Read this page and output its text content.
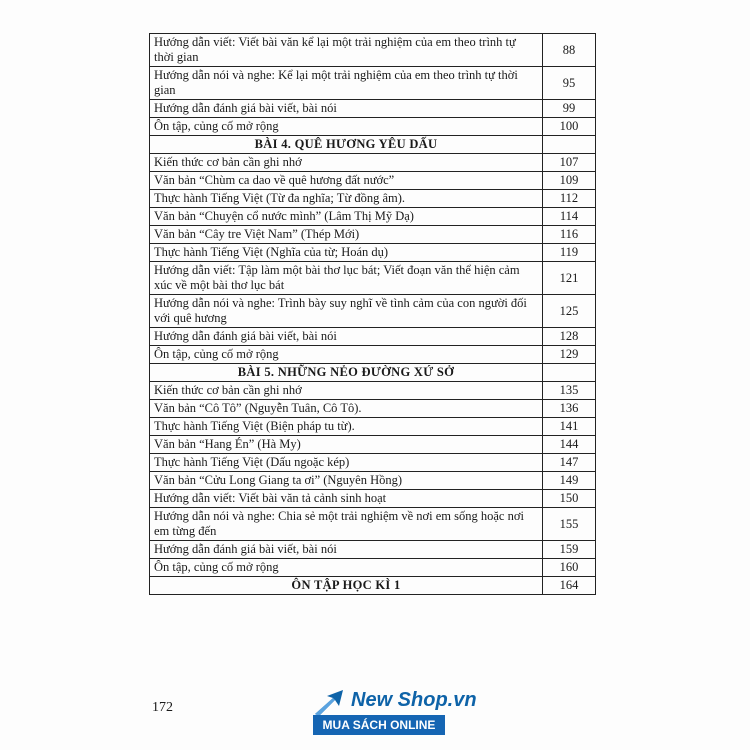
Hướng dẫn viết: Viết bài văn kể lại một trải nghiệm của em theo trình tự thời gian	88
Hướng dẫn nói và nghe: Kể lại một trải nghiệm của em theo trình tự thời gian	95
Hướng dẫn đánh giá bài viết, bài nói	99
Ôn tập, củng cố mở rộng	100
BÀI 4. QUÊ HƯƠNG YÊU DẤU	
Kiến thức cơ bản cần ghi nhớ	107
Văn bản “Chùm ca dao về quê hương đất nước”	109
Thực hành Tiếng Việt (Từ đa nghĩa; Từ đồng âm).	112
Văn bản “Chuyện cổ nước mình” (Lâm Thị Mỹ Dạ)	114
Văn bản “Cây tre Việt Nam” (Thép Mới)	116
Thực hành Tiếng Việt (Nghĩa của từ; Hoán dụ)	119
Hướng dẫn viết: Tập làm một bài thơ lục bát; Viết đoạn văn thể hiện cảm xúc về một bài thơ lục bát	121
Hướng dẫn nói và nghe: Trình bày suy nghĩ về tình cảm của con người đối với quê hương	125
Hướng dẫn đánh giá bài viết, bài nói	128
Ôn tập, củng cố mở rộng	129
BÀI 5. NHỮNG NẺO ĐƯỜNG XỨ SỞ	
Kiến thức cơ bản cần ghi nhớ	135
Văn bản “Cô Tô” (Nguyễn Tuân, Cô Tô).	136
Thực hành Tiếng Việt (Biện pháp tu từ).	141
Văn bản “Hang Én” (Hà My)	144
Thực hành Tiếng Việt (Dấu ngoặc kép)	147
Văn bản “Cửu Long Giang ta ơi” (Nguyên Hồng)	149
Hướng dẫn viết: Viết bài văn tả cảnh sinh hoạt	150
Hướng dẫn nói và nghe: Chia sẻ một trải nghiệm về nơi em sống hoặc nơi em từng đến	155
Hướng dẫn đánh giá bài viết, bài nói	159
Ôn tập, củng cố mở rộng	160
ÔN TẬP HỌC KÌ 1	164
172	New Shop.vn
MUA SÁCH ONLINE
